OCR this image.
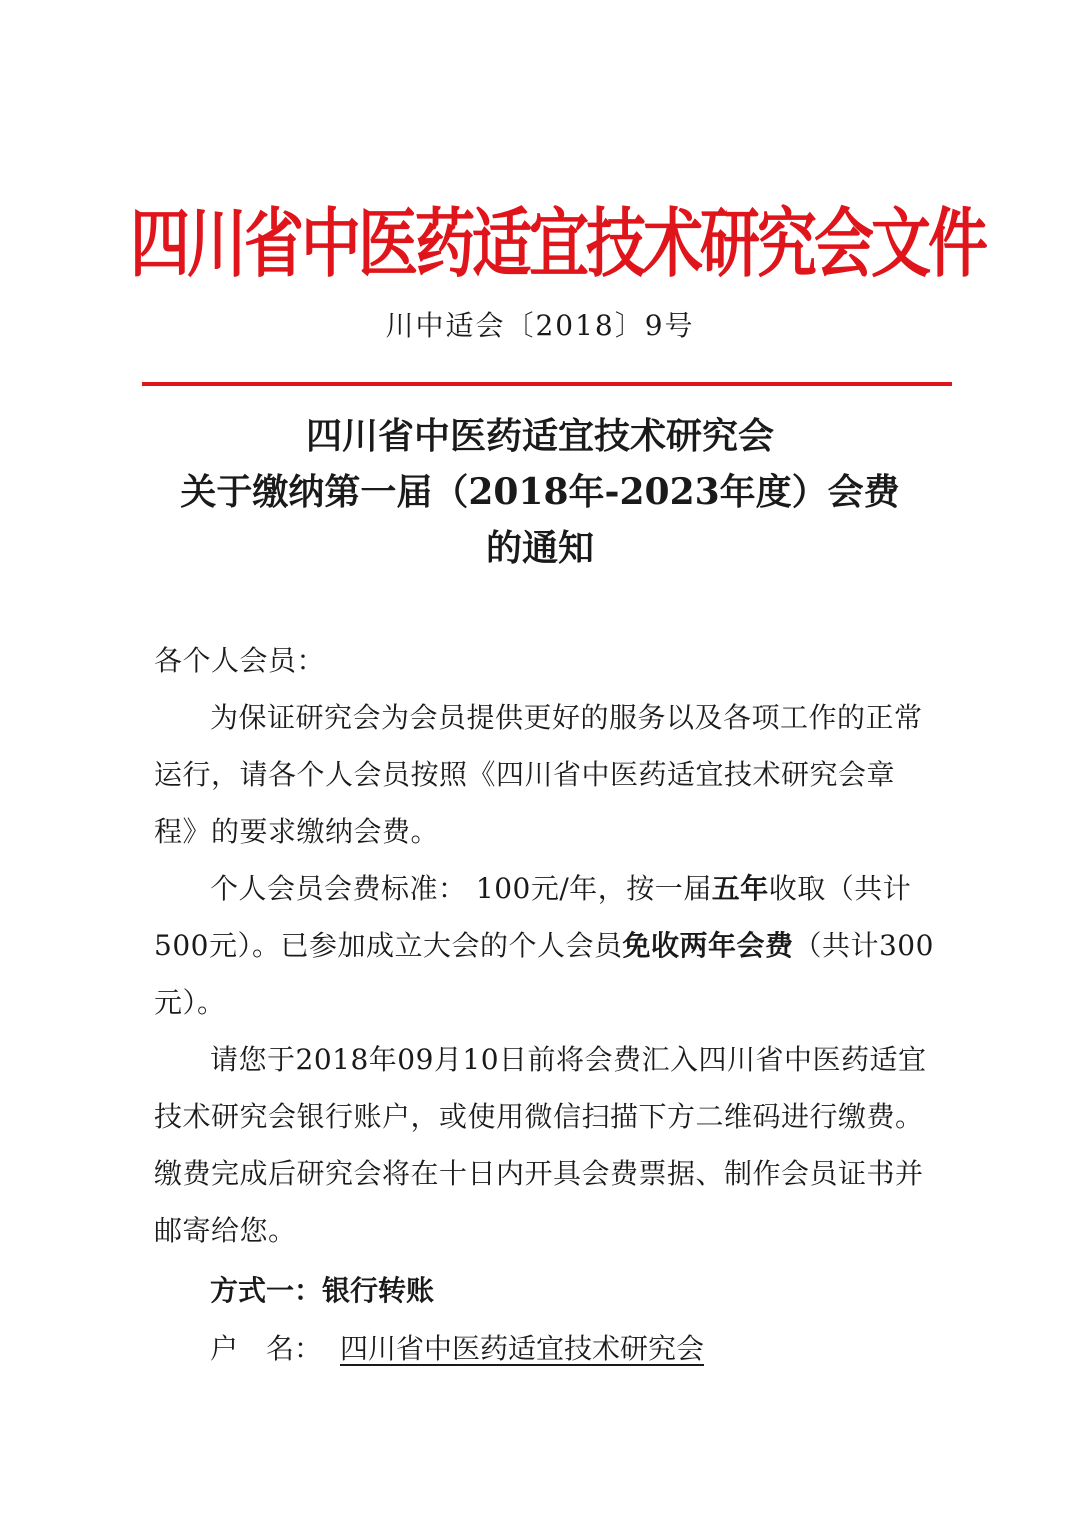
四川省中医药适宜技术研究会文件
川中适会〔2018〕9号
四川省中医药适宜技术研究会
关于缴纳第一届（2018年-2023年度）会费
的通知
各个人会员：
为保证研究会为会员提供更好的服务以及各项工作的正常运行，请各个人会员按照《四川省中医药适宜技术研究会章程》的要求缴纳会费。
个人会员会费标准： 100元/年，按一届五年收取（共计500元）。已参加成立大会的个人会员免收两年会费（共计300元）。
请您于2018年09月10日前将会费汇入四川省中医药适宜技术研究会银行账户，或使用微信扫描下方二维码进行缴费。缴费完成后研究会将在十日内开具会费票据、制作会员证书并邮寄给您。
方式一：银行转账
户　名： 四川省中医药适宜技术研究会
